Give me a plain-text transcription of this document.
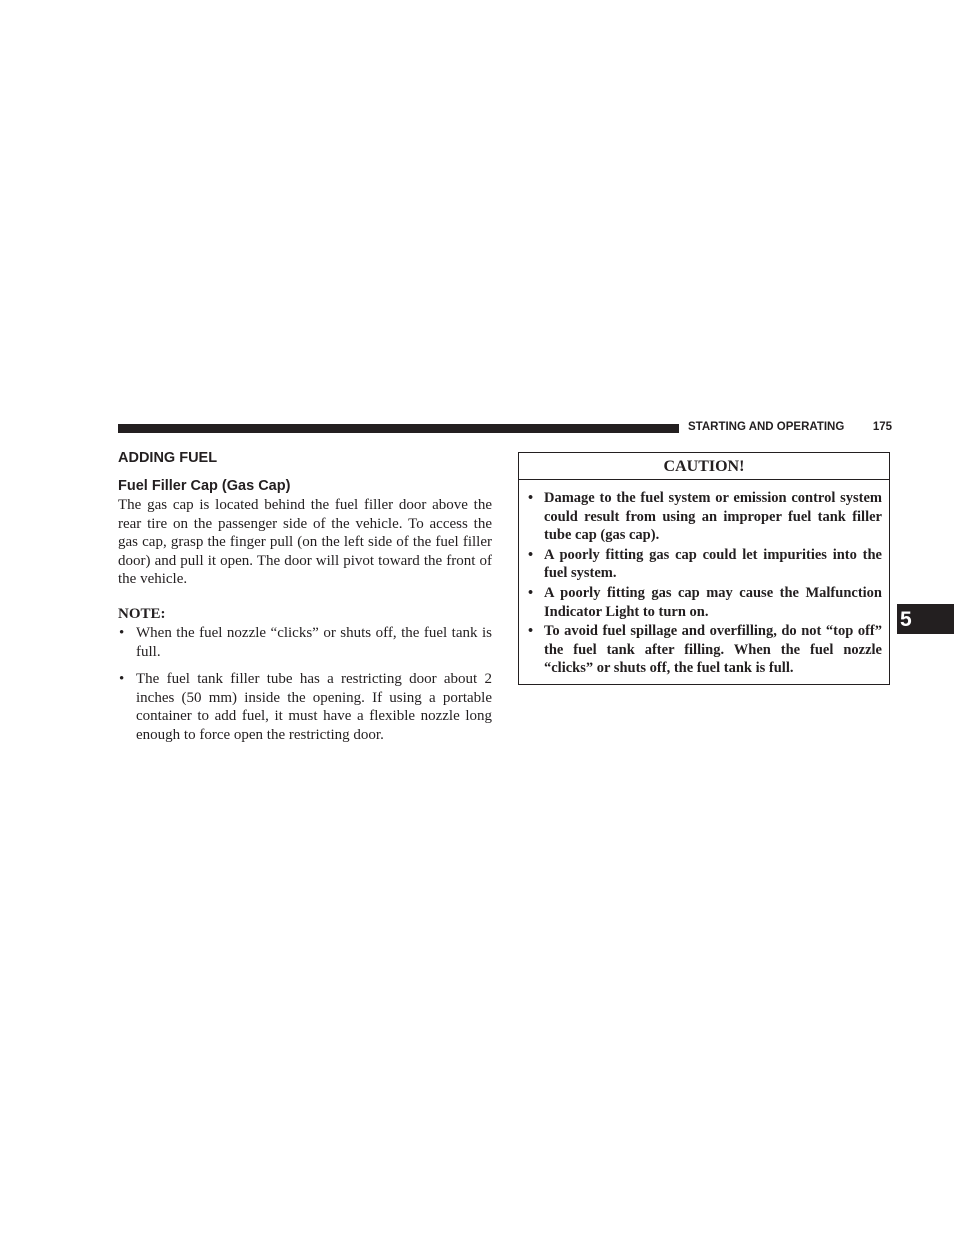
STARTING AND OPERATING 175
ADDING FUEL
Fuel Filler Cap (Gas Cap)

The gas cap is located behind the fuel filler door above the rear tire on the passenger side of the vehicle. To access the gas cap, grasp the finger pull (on the left side of the fuel filler door) and pull it open. The door will pivot toward the front of the vehicle.

NOTE:

• When the fuel nozzle “clicks” or shuts off, the fuel tank is full.
• The fuel tank filler tube has a restricting door about 2 inches (50 mm) inside the opening. If using a portable container to add fuel, it must have a flexible nozzle long enough to force open the restricting door.
CAUTION!
• Damage to the fuel system or emission control system could result from using an improper fuel tank filler tube cap (gas cap).
• A poorly fitting gas cap could let impurities into the fuel system.
• A poorly fitting gas cap may cause the Malfunction Indicator Light to turn on.
• To avoid fuel spillage and overfilling, do not “top off” the fuel tank after filling. When the fuel nozzle “clicks” or shuts off, the fuel tank is full.
5
